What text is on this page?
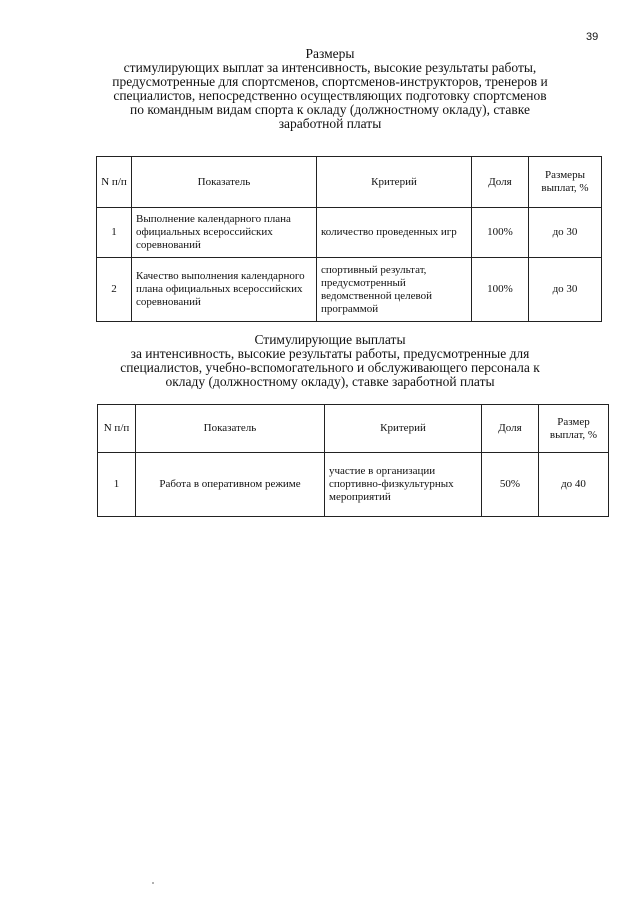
39
Размеры
стимулирующих выплат за интенсивность, высокие результаты работы,
предусмотренные для спортсменов, спортсменов-инструкторов, тренеров и
специалистов, непосредственно осуществляющих подготовку спортсменов
по командным видам спорта к окладу (должностному окладу), ставке
заработной платы
N п/п	Показатель	Критерий	Доля	Размеры выплат, %
1	Выполнение календарного плана официальных всероссийских соревнований	количество проведенных игр	100%	до 30
2	Качество выполнения календарного плана официальных всероссийских соревнований	спортивный результат, предусмотренный ведомственной целевой программой	100%	до 30
Стимулирующие выплаты
за интенсивность, высокие результаты работы, предусмотренные для
специалистов, учебно-вспомогательного и обслуживающего персонала к
окладу (должностному окладу), ставке заработной платы
N п/п	Показатель	Критерий	Доля	Размер выплат, %
1	Работа в оперативном режиме	участие в организации спортивно-физкультурных мероприятий	50%	до 40
